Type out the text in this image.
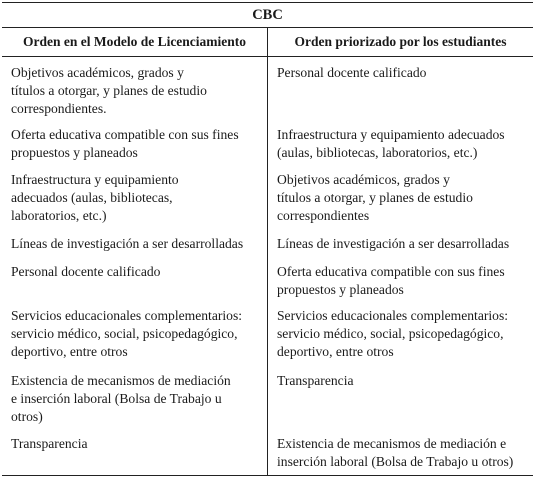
CBC
Orden en el Modelo de Licenciamiento	Orden priorizado por los estudiantes
Objetivos académicos, grados y
títulos a otorgar, y planes de estudio
correspondientes.
Oferta educativa compatible con sus fines
propuestos y planeados
Infraestructura y equipamiento
adecuados (aulas, bibliotecas,
laboratorios, etc.)
Líneas de investigación a ser desarrolladas
Personal docente calificado
Servicios educacionales complementarios:
servicio médico, social, psicopedagógico,
deportivo, entre otros
Existencia de mecanismos de mediación
e inserción laboral (Bolsa de Trabajo u
otros)
Transparencia
Personal docente calificado
Infraestructura y equipamiento adecuados
(aulas, bibliotecas, laboratorios, etc.)
Objetivos académicos, grados y
títulos a otorgar, y planes de estudio
correspondientes
Líneas de investigación a ser desarrolladas
Oferta educativa compatible con sus fines
propuestos y planeados
Servicios educacionales complementarios:
servicio médico, social, psicopedagógico,
deportivo, entre otros
Transparencia
Existencia de mecanismos de mediación e
inserción laboral (Bolsa de Trabajo u otros)
